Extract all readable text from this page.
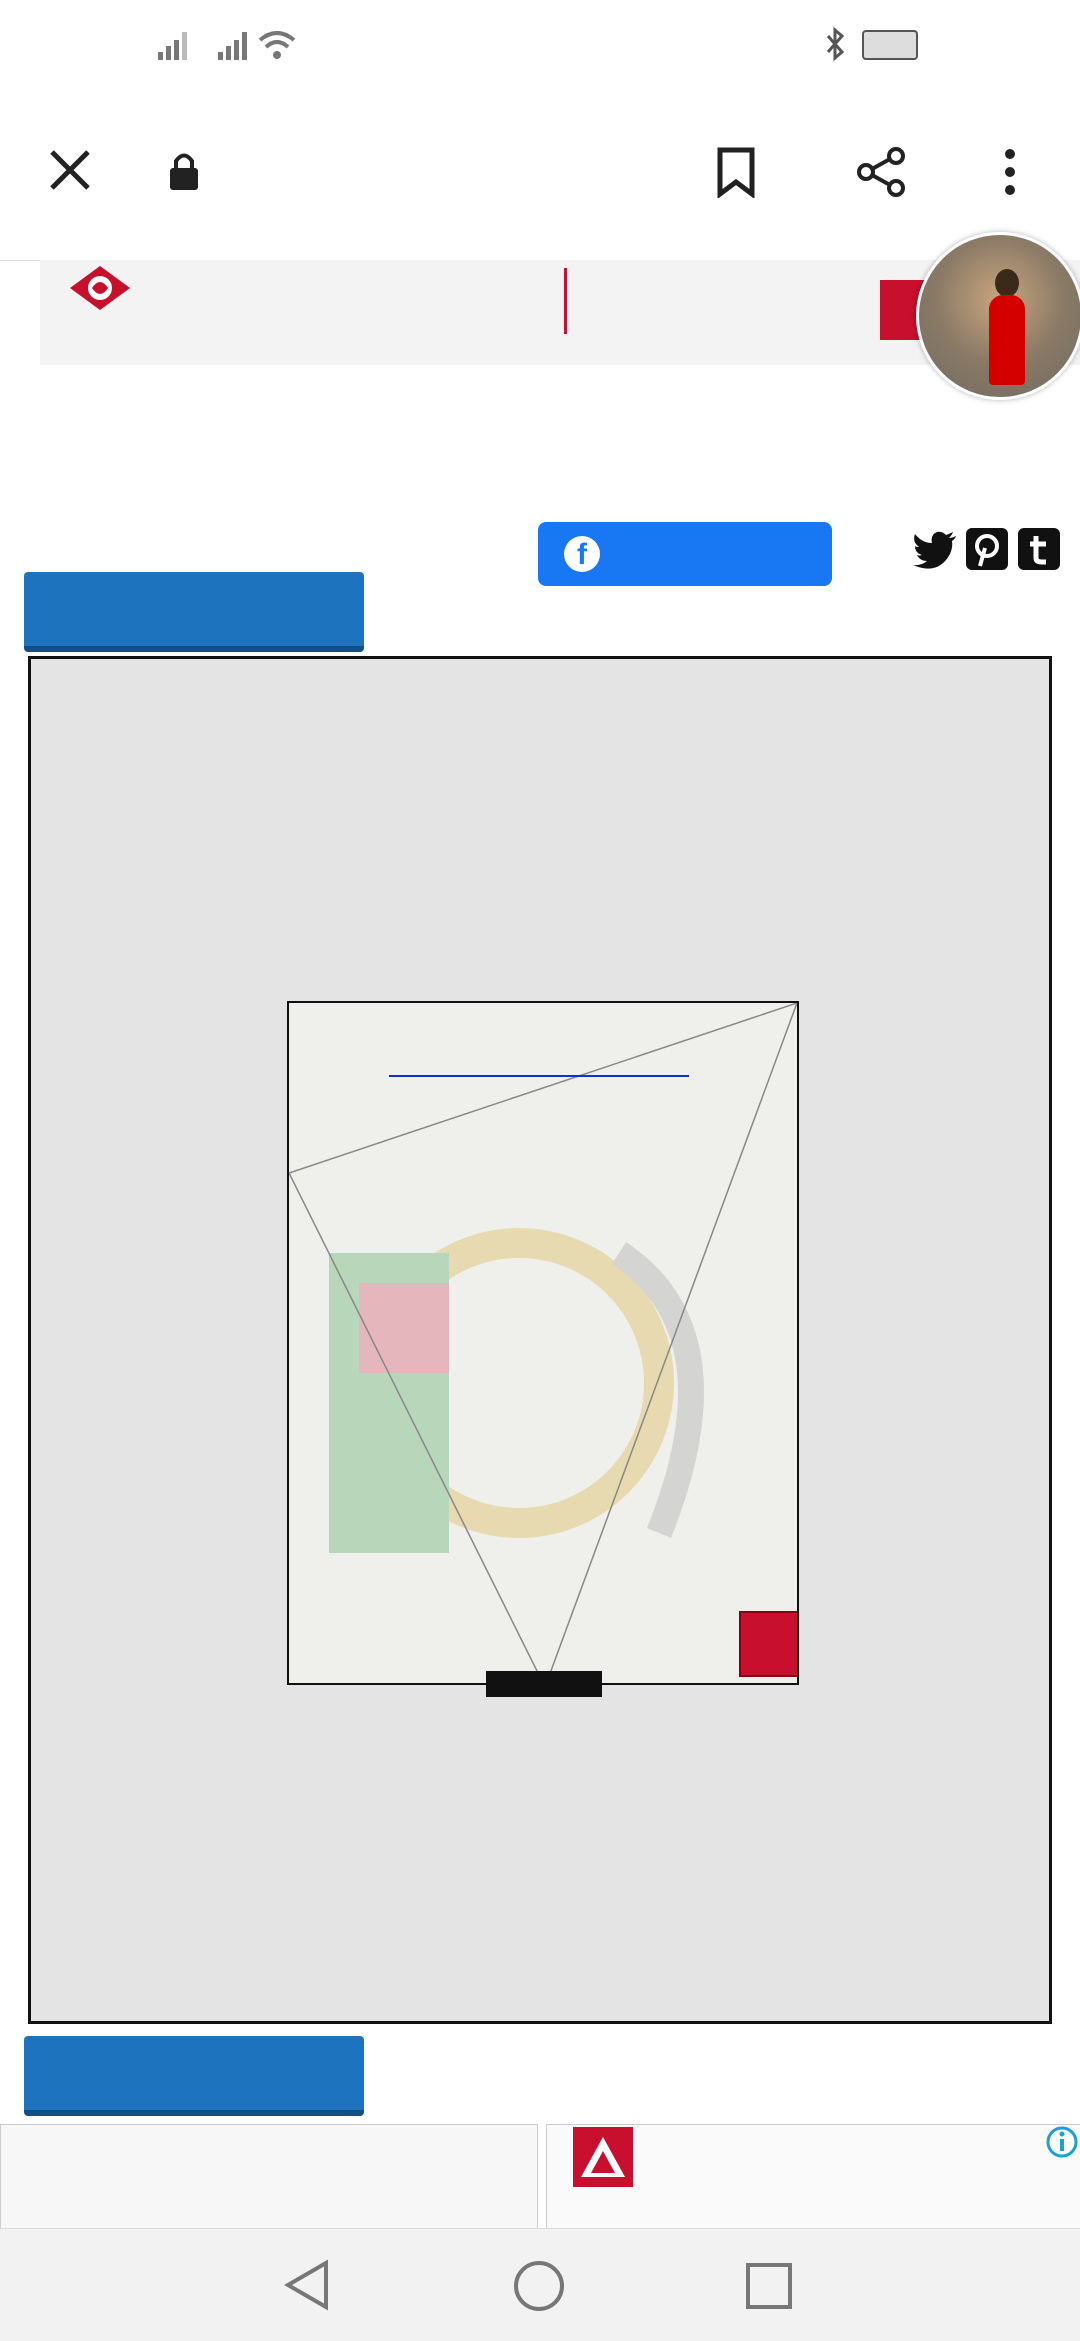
f
